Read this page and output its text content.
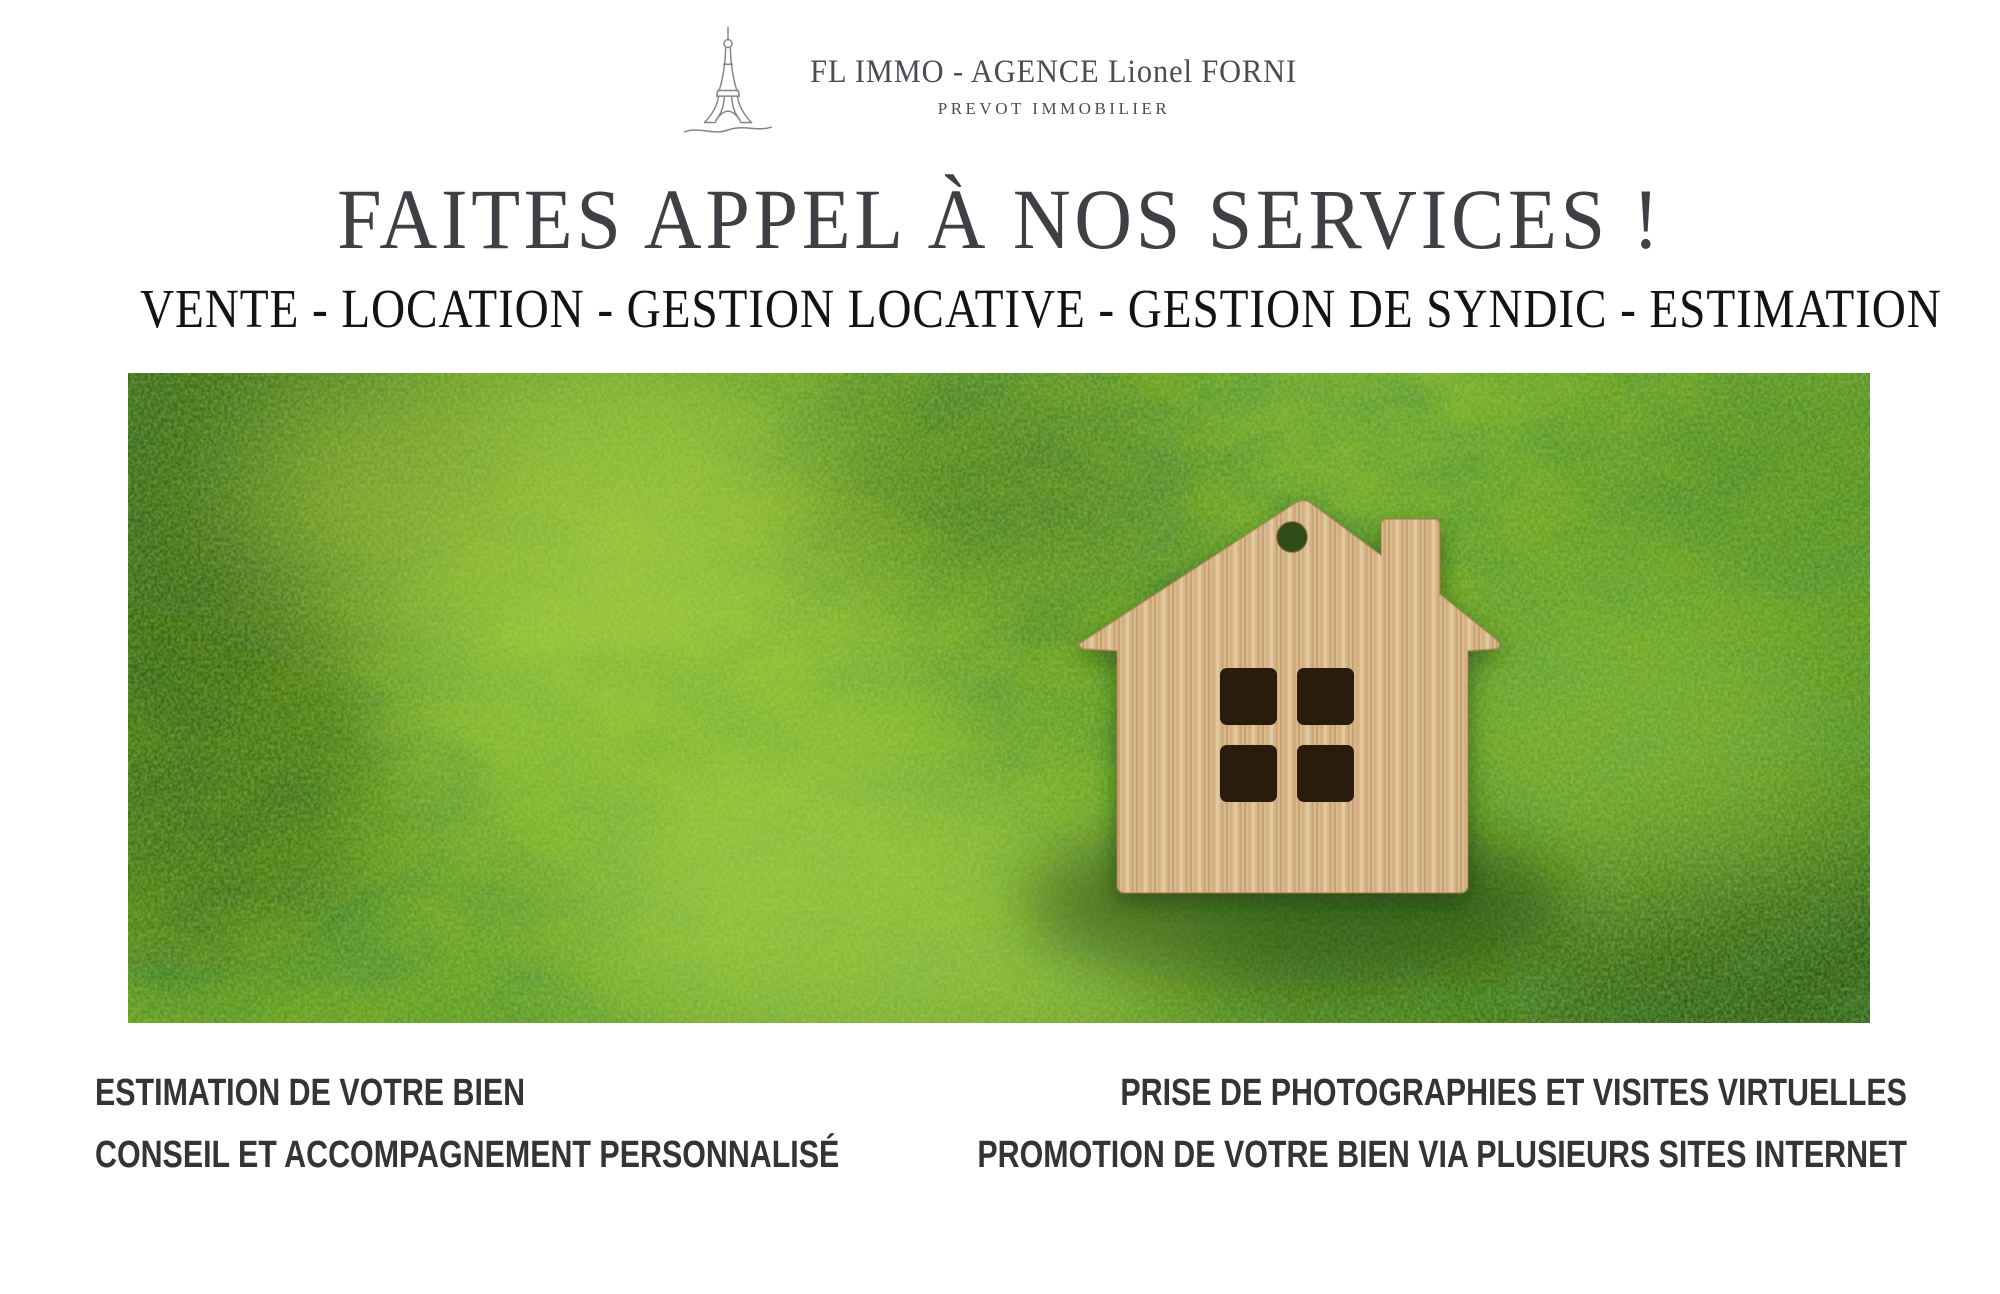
FL IMMO - AGENCE Lionel FORNI
PREVOT IMMOBILIER
FAITES APPEL À NOS SERVICES !
VENTE - LOCATION - GESTION LOCATIVE - GESTION DE SYNDIC - ESTIMATION
ESTIMATION DE VOTRE BIEN
CONSEIL ET ACCOMPAGNEMENT PERSONNALISÉ
PRISE DE PHOTOGRAPHIES ET VISITES VIRTUELLES
PROMOTION DE VOTRE BIEN VIA PLUSIEURS SITES INTERNET
